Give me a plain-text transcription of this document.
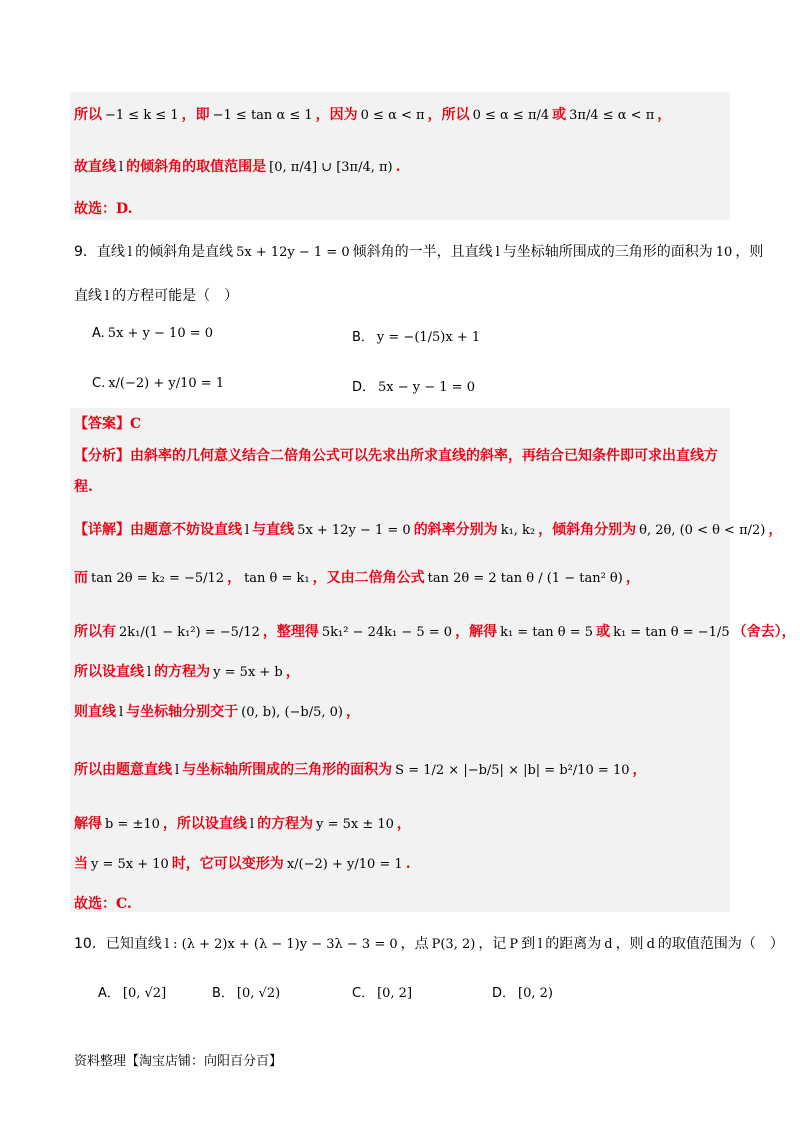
所以 −1 ≤ k ≤ 1 ，即 −1 ≤ tan α ≤ 1 ，因为 0 ≤ α < π ，所以 0 ≤ α ≤ π/4 或 3π/4 ≤ α < π ，
故直线 l 的倾斜角的取值范围是 [0, π/4] ∪ [3π/4, π) .
故选：D.
9．直线 l 的倾斜角是直线 5x + 12y − 1 = 0 倾斜角的一半，且直线 l 与坐标轴所围成的三角形的面积为 10 ，则
直线 l 的方程可能是（　）
A. 5x + y − 10 = 0	B． y = −(1/5)x + 1
C. x/(−2) + y/10 = 1	D． 5x − y − 1 = 0
【答案】C
【分析】由斜率的几何意义结合二倍角公式可以先求出所求直线的斜率，再结合已知条件即可求出直线方
程.
【详解】由题意不妨设直线 l 与直线 5x + 12y − 1 = 0 的斜率分别为 k₁, k₂ ，倾斜角分别为 θ, 2θ, (0 < θ < π/2) ，
而 tan 2θ = k₂ = −5/12 ， tan θ = k₁ ，又由二倍角公式 tan 2θ = 2 tan θ / (1 − tan² θ) ，
所以有 2k₁/(1 − k₁²) = −5/12 ，整理得 5k₁² − 24k₁ − 5 = 0 ，解得 k₁ = tan θ = 5 或 k₁ = tan θ = −1/5 （舍去），
所以设直线 l 的方程为 y = 5x + b ，
则直线 l 与坐标轴分别交于 (0, b), (−b/5, 0) ，
所以由题意直线 l 与坐标轴所围成的三角形的面积为 S = 1/2 × |−b/5| × |b| = b²/10 = 10 ，
解得 b = ±10 ，所以设直线 l 的方程为 y = 5x ± 10 ，
当 y = 5x + 10 时，它可以变形为 x/(−2) + y/10 = 1 .
故选：C.
10．已知直线 l : (λ + 2)x + (λ − 1)y − 3λ − 3 = 0 ，点 P(3, 2) ，记 P 到 l 的距离为 d ，则 d 的取值范围为（　）
A． [0, √2]	B． [0, √2)	C． [0, 2]	D． [0, 2)
资料整理【淘宝店铺：向阳百分百】
